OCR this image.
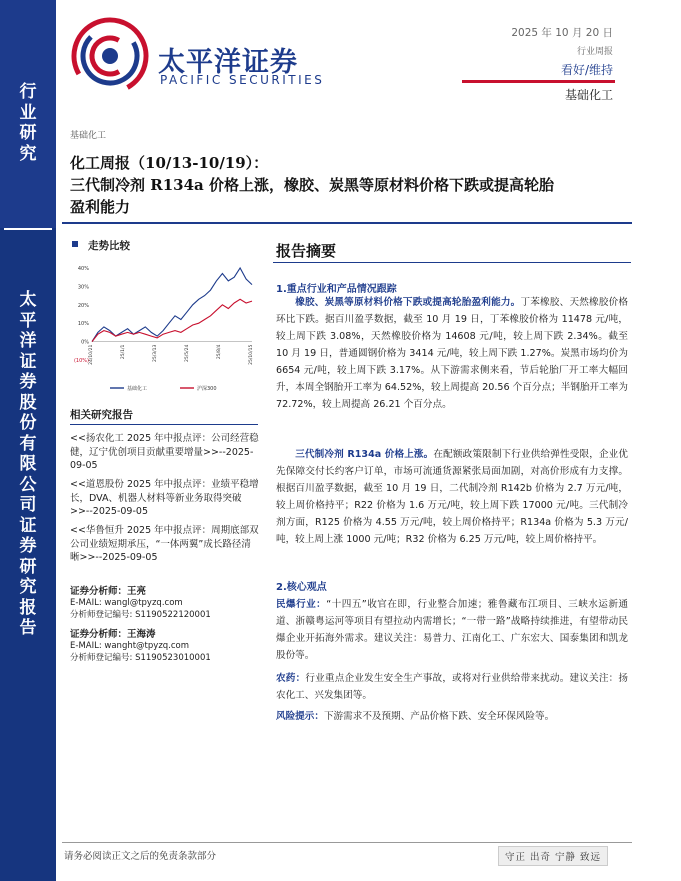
行业研究
太平洋证券股份有限公司证券研究报告
太平洋证券
PACIFIC SECURITIES
2025 年 10 月 20 日
行业周报
看好/维持
基础化工
基础化工
化工周报（10/13-10/19）：
三代制冷剂 R134a 价格上涨，橡胶、炭黑等原材料价格下跌或提高轮胎
盈利能力
走势比较
(10%)
0%
10%
20%
30%
40%
24/10/21	25/1/1	25/3/13	25/5/24	25/8/4	25/10/15
基础化工	沪深300
相关研究报告
<<扬农化工 2025 年中报点评：公司经营稳健，辽宁优创项目贡献重要增量>>--2025-09-05
<<道恩股份 2025 年中报点评：业绩平稳增长，DVA、机器人材料等新业务取得突破>>--2025-09-05
<<华鲁恒升 2025 年中报点评：周期底部双公司业绩短期承压，“一体两翼”成长路径清晰>>--2025-09-05
证券分析师：王亮
E-MAIL: wangl@tpyzq.com
分析师登记编号: S1190522120001
证券分析师：王海涛
E-MAIL: wanght@tpyzq.com
分析师登记编号: S1190523010001
报告摘要
1.重点行业和产品情况跟踪
橡胶、炭黑等原材料价格下跌或提高轮胎盈利能力。丁苯橡胶、天然橡胶价格环比下跌。据百川盈孚数据，截至 10 月 19 日，丁苯橡胶价格为 11478 元/吨，较上周下跌 3.08%，天然橡胶价格为 14608 元/吨，较上周下跌 2.34%。截至 10 月 19 日，普通圆钢价格为 3414 元/吨，较上周下跌 1.27%。炭黑市场均价为 6654 元/吨，较上周下跌 3.17%。从下游需求侧来看，节后轮胎厂开工率大幅回升，本周全钢胎开工率为 64.52%，较上周提高 20.56 个百分点；半钢胎开工率为 72.72%，较上周提高 26.21 个百分点。
三代制冷剂 R134a 价格上涨。在配额政策限制下行业供给弹性受限，企业优先保障交付长约客户订单，市场可流通货源紧张局面加剧，对高价形成有力支撑。根据百川盈孚数据，截至 10 月 19 日，二代制冷剂 R142b 价格为 2.7 万元/吨，较上周价格持平；R22 价格为 1.6 万元/吨，较上周下跌 17000 元/吨。三代制冷剂方面，R125 价格为 4.55 万元/吨，较上周价格持平；R134a 价格为 5.3 万元/吨，较上周上涨 1000 元/吨；R32 价格为 6.25 万元/吨，较上周价格持平。
2.核心观点
民爆行业：“十四五”收官在即，行业整合加速；雅鲁藏布江项目、三峡水运新通道、浙赣粤运河等项目有望拉动内需增长；“一带一路”战略持续推进，有望带动民爆企业开拓海外需求。建议关注：易普力、江南化工、广东宏大、国泰集团和凯龙股份等。
农药：行业重点企业发生安全生产事故，或将对行业供给带来扰动。建议关注：扬农化工、兴发集团等。
风险提示：下游需求不及预期、产品价格下跌、安全环保风险等。
请务必阅读正文之后的免责条款部分	守正 出奇 宁静 致远
